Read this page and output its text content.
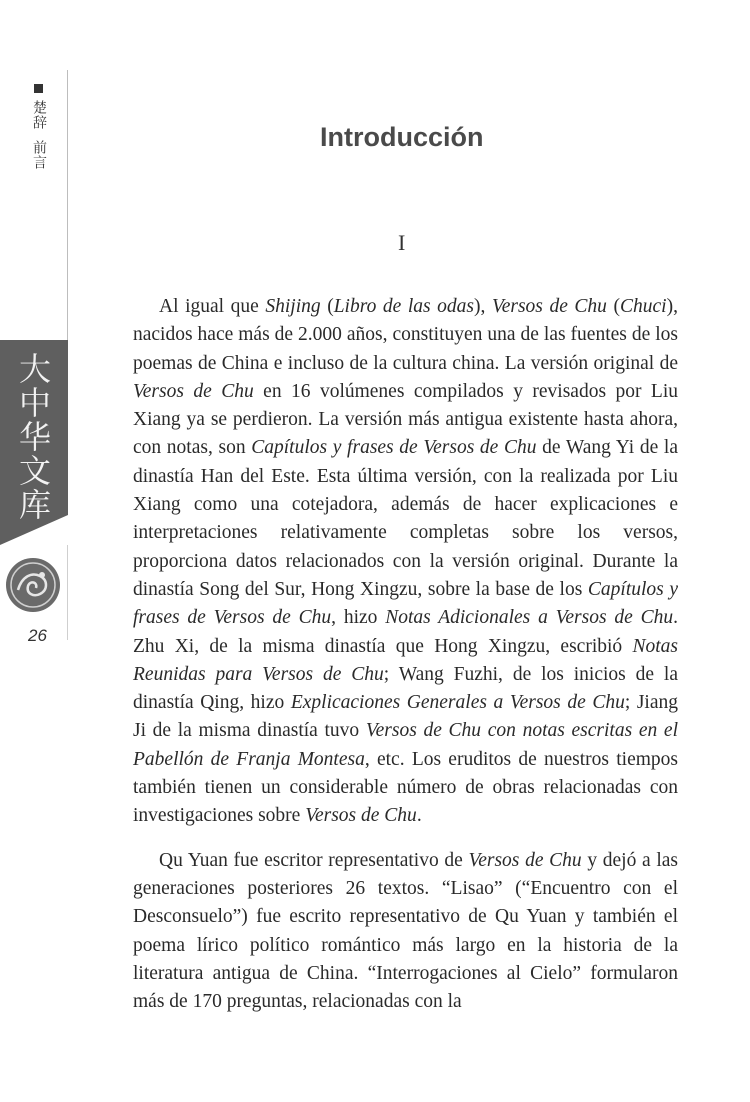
楚辞前言
大中华文库
26
Introducción
I

Al igual que Shijing (Libro de las odas), Versos de Chu (Chuci), nacidos hace más de 2.000 años, constituyen una de las fuentes de los poemas de China e incluso de la cultura china. La versión original de Versos de Chu en 16 volúmenes compilados y revisados por Liu Xiang ya se perdieron. La versión más antigua existente hasta ahora, con notas, son Capítulos y frases de Versos de Chu de Wang Yi de la dinastía Han del Este. Esta última versión, con la realizada por Liu Xiang como una cotejadora, además de hacer explicaciones e interpretaciones relativamente completas sobre los versos, proporciona datos relacionados con la versión original. Durante la dinastía Song del Sur, Hong Xingzu, sobre la base de los Capítulos y frases de Versos de Chu, hizo Notas Adicionales a Versos de Chu. Zhu Xi, de la misma dinastía que Hong Xingzu, escribió Notas Reunidas para Versos de Chu; Wang Fuzhi, de los inicios de la dinastía Qing, hizo Explicaciones Generales a Versos de Chu; Jiang Ji de la misma dinastía tuvo Versos de Chu con notas escritas en el Pabellón de Franja Montesa, etc. Los eruditos de nuestros tiempos también tienen un considerable número de obras relacionadas con investigaciones sobre Versos de Chu.

Qu Yuan fue escritor representativo de Versos de Chu y dejó a las generaciones posteriores 26 textos. “Lisao” (“Encuentro con el Desconsuelo”) fue escrito representativo de Qu Yuan y también el poema lírico político romántico más largo en la historia de la literatura antigua de China. “Interrogaciones al Cielo” formularon más de 170 preguntas, relacionadas con la
